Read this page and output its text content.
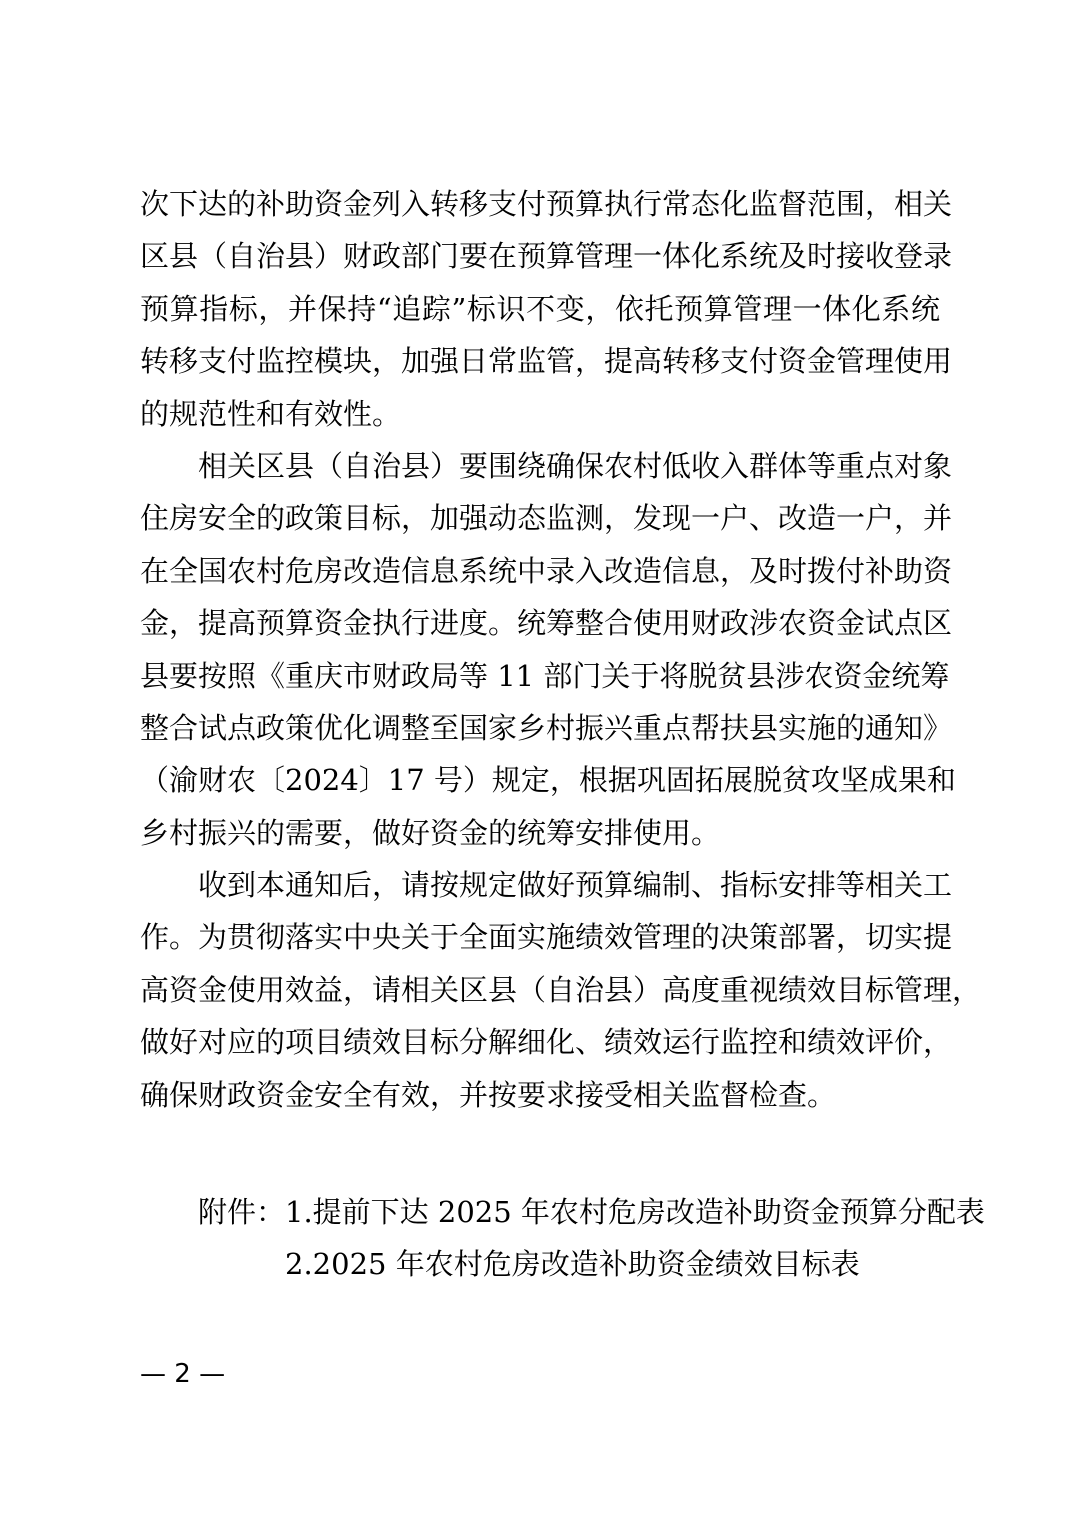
次下达的补助资金列入转移支付预算执行常态化监督范围，相关
区县（自治县）财政部门要在预算管理一体化系统及时接收登录
预算指标，并保持“追踪”标识不变，依托预算管理一体化系统
转移支付监控模块，加强日常监管，提高转移支付资金管理使用
的规范性和有效性。
相关区县（自治县）要围绕确保农村低收入群体等重点对象
住房安全的政策目标，加强动态监测，发现一户、改造一户，并
在全国农村危房改造信息系统中录入改造信息，及时拨付补助资
金，提高预算资金执行进度。统筹整合使用财政涉农资金试点区
县要按照《重庆市财政局等 11 部门关于将脱贫县涉农资金统筹
整合试点政策优化调整至国家乡村振兴重点帮扶县实施的通知》
（渝财农〔2024〕17 号）规定，根据巩固拓展脱贫攻坚成果和
乡村振兴的需要，做好资金的统筹安排使用。
收到本通知后，请按规定做好预算编制、指标安排等相关工
作。为贯彻落实中央关于全面实施绩效管理的决策部署，切实提
高资金使用效益，请相关区县（自治县）高度重视绩效目标管理，
做好对应的项目绩效目标分解细化、绩效运行监控和绩效评价，
确保财政资金安全有效，并按要求接受相关监督检查。
附件：1.提前下达 2025 年农村危房改造补助资金预算分配表
2.2025 年农村危房改造补助资金绩效目标表
— 2 —
